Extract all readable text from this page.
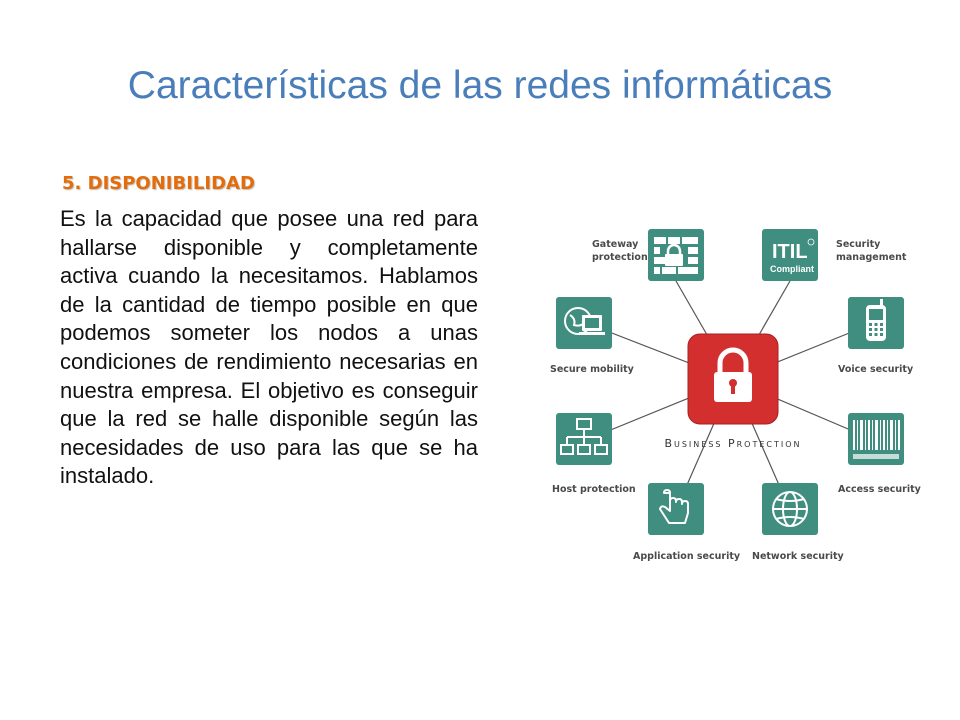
Características de las redes informáticas
5. DISPONIBILIDAD

Es la capacidad que posee una red para hallarse disponible y completamente activa cuando la necesitamos. Hablamos de la cantidad de tiempo posible en que podemos someter los nodos a unas condiciones de rendimiento necesarias en nuestra empresa. El objetivo es conseguir que la red se halle disponible según las necesidades de uso para las que se ha instalado.

ITIL
Compliant
Business Protection
Gateway
protection
Security
management
Secure mobility	Voice security
Host protection	Access security
Application security Network security
